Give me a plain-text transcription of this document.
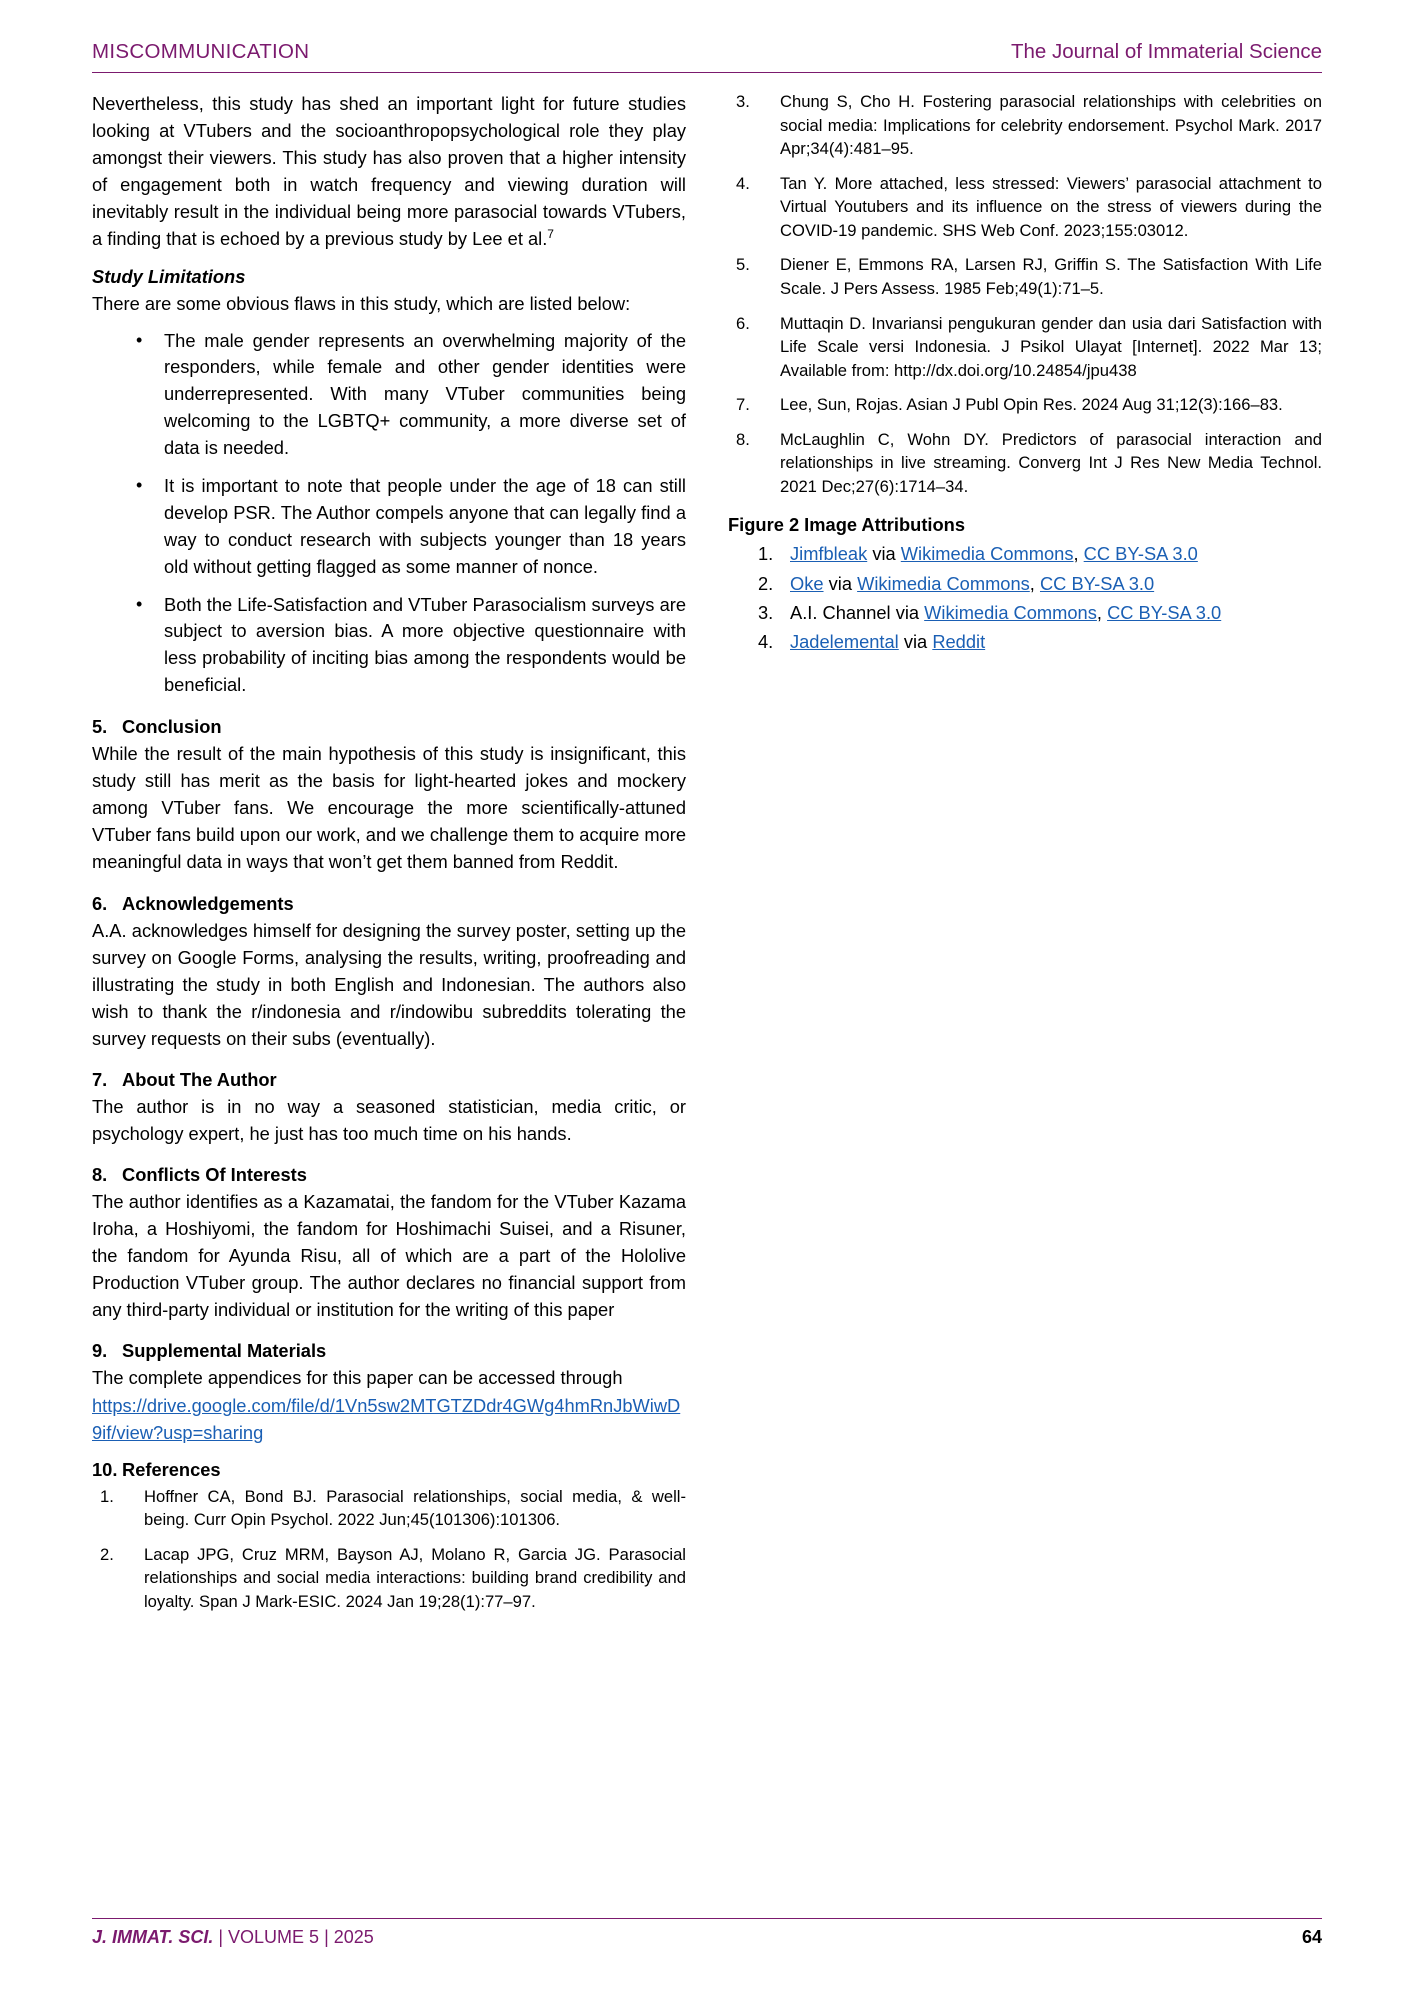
MISCOMMUNICATION	The Journal of Immaterial Science

Nevertheless, this study has shed an important light for future studies looking at VTubers and the socioanthropopsychological role they play amongst their viewers. This study has also proven that a higher intensity of engagement both in watch frequency and viewing duration will inevitably result in the individual being more parasocial towards VTubers, a finding that is echoed by a previous study by Lee et al.$^7$

Study Limitations

There are some obvious flaws in this study, which are listed below:

• The male gender represents an overwhelming majority of the responders, while female and other gender identities were underrepresented. With many VTuber communities being welcoming to the LGBTQ+ community, a more diverse set of data is needed.
• It is important to note that people under the age of 18 can still develop PSR. The Author compels anyone that can legally find a way to conduct research with subjects younger than 18 years old without getting flagged as some manner of nonce.
• Both the Life-Satisfaction and VTuber Parasocialism surveys are subject to aversion bias. A more objective questionnaire with less probability of inciting bias among the respondents would be beneficial.
5. Conclusion

While the result of the main hypothesis of this study is insignificant, this study still has merit as the basis for light-hearted jokes and mockery among VTuber fans. We encourage the more scientifically-attuned VTuber fans build upon our work, and we challenge them to acquire more meaningful data in ways that won’t get them banned from Reddit.

6. Acknowledgements

A.A. acknowledges himself for designing the survey poster, setting up the survey on Google Forms, analysing the results, writing, proofreading and illustrating the study in both English and Indonesian. The authors also wish to thank the r/indonesia and r/indowibu subreddits tolerating the survey requests on their subs (eventually).

7. About The Author

The author is in no way a seasoned statistician, media critic, or psychology expert, he just has too much time on his hands.

8. Conflicts Of Interests

The author identifies as a Kazamatai, the fandom for the VTuber Kazama Iroha, a Hoshiyomi, the fandom for Hoshimachi Suisei, and a Risuner, the fandom for Ayunda Risu, all of which are a part of the Hololive Production VTuber group. The author declares no financial support from any third-party individual or institution for the writing of this paper

9. Supplemental Materials

The complete appendices for this paper can be accessed through

https://drive.google.com/file/d/1Vn5sw2MTGTZDdr4GWg4hmRnJbWiwD9if/view?usp=sharing

10. References
1. Hoffner CA, Bond BJ. Parasocial relationships, social media, & well-being. Curr Opin Psychol. 2022 Jun;45(101306):101306.
2. Lacap JPG, Cruz MRM, Bayson AJ, Molano R, Garcia JG. Parasocial relationships and social media interactions: building brand credibility and loyalty. Span J Mark-ESIC. 2024 Jan 19;28(1):77–97.
3. Chung S, Cho H. Fostering parasocial relationships with celebrities on social media: Implications for celebrity endorsement. Psychol Mark. 2017 Apr;34(4):481–95.
4. Tan Y. More attached, less stressed: Viewers’ parasocial attachment to Virtual Youtubers and its influence on the stress of viewers during the COVID-19 pandemic. SHS Web Conf. 2023;155:03012.
5. Diener E, Emmons RA, Larsen RJ, Griffin S. The Satisfaction With Life Scale. J Pers Assess. 1985 Feb;49(1):71–5.
6. Muttaqin D. Invariansi pengukuran gender dan usia dari Satisfaction with Life Scale versi Indonesia. J Psikol Ulayat [Internet]. 2022 Mar 13; Available from: http://dx.doi.org/10.24854/jpu438
7. Lee, Sun, Rojas. Asian J Publ Opin Res. 2024 Aug 31;12(3):166–83.
8. McLaughlin C, Wohn DY. Predictors of parasocial interaction and relationships in live streaming. Converg Int J Res New Media Technol. 2021 Dec;27(6):1714–34.
Figure 2 Image Attributions
1. Jimfbleak via Wikimedia Commons, CC BY-SA 3.0
2. Oke via Wikimedia Commons, CC BY-SA 3.0
3. A.I. Channel via Wikimedia Commons, CC BY-SA 3.0
4. Jadelemental via Reddit
J. IMMAT. SCI. | VOLUME 5 | 2025	64
